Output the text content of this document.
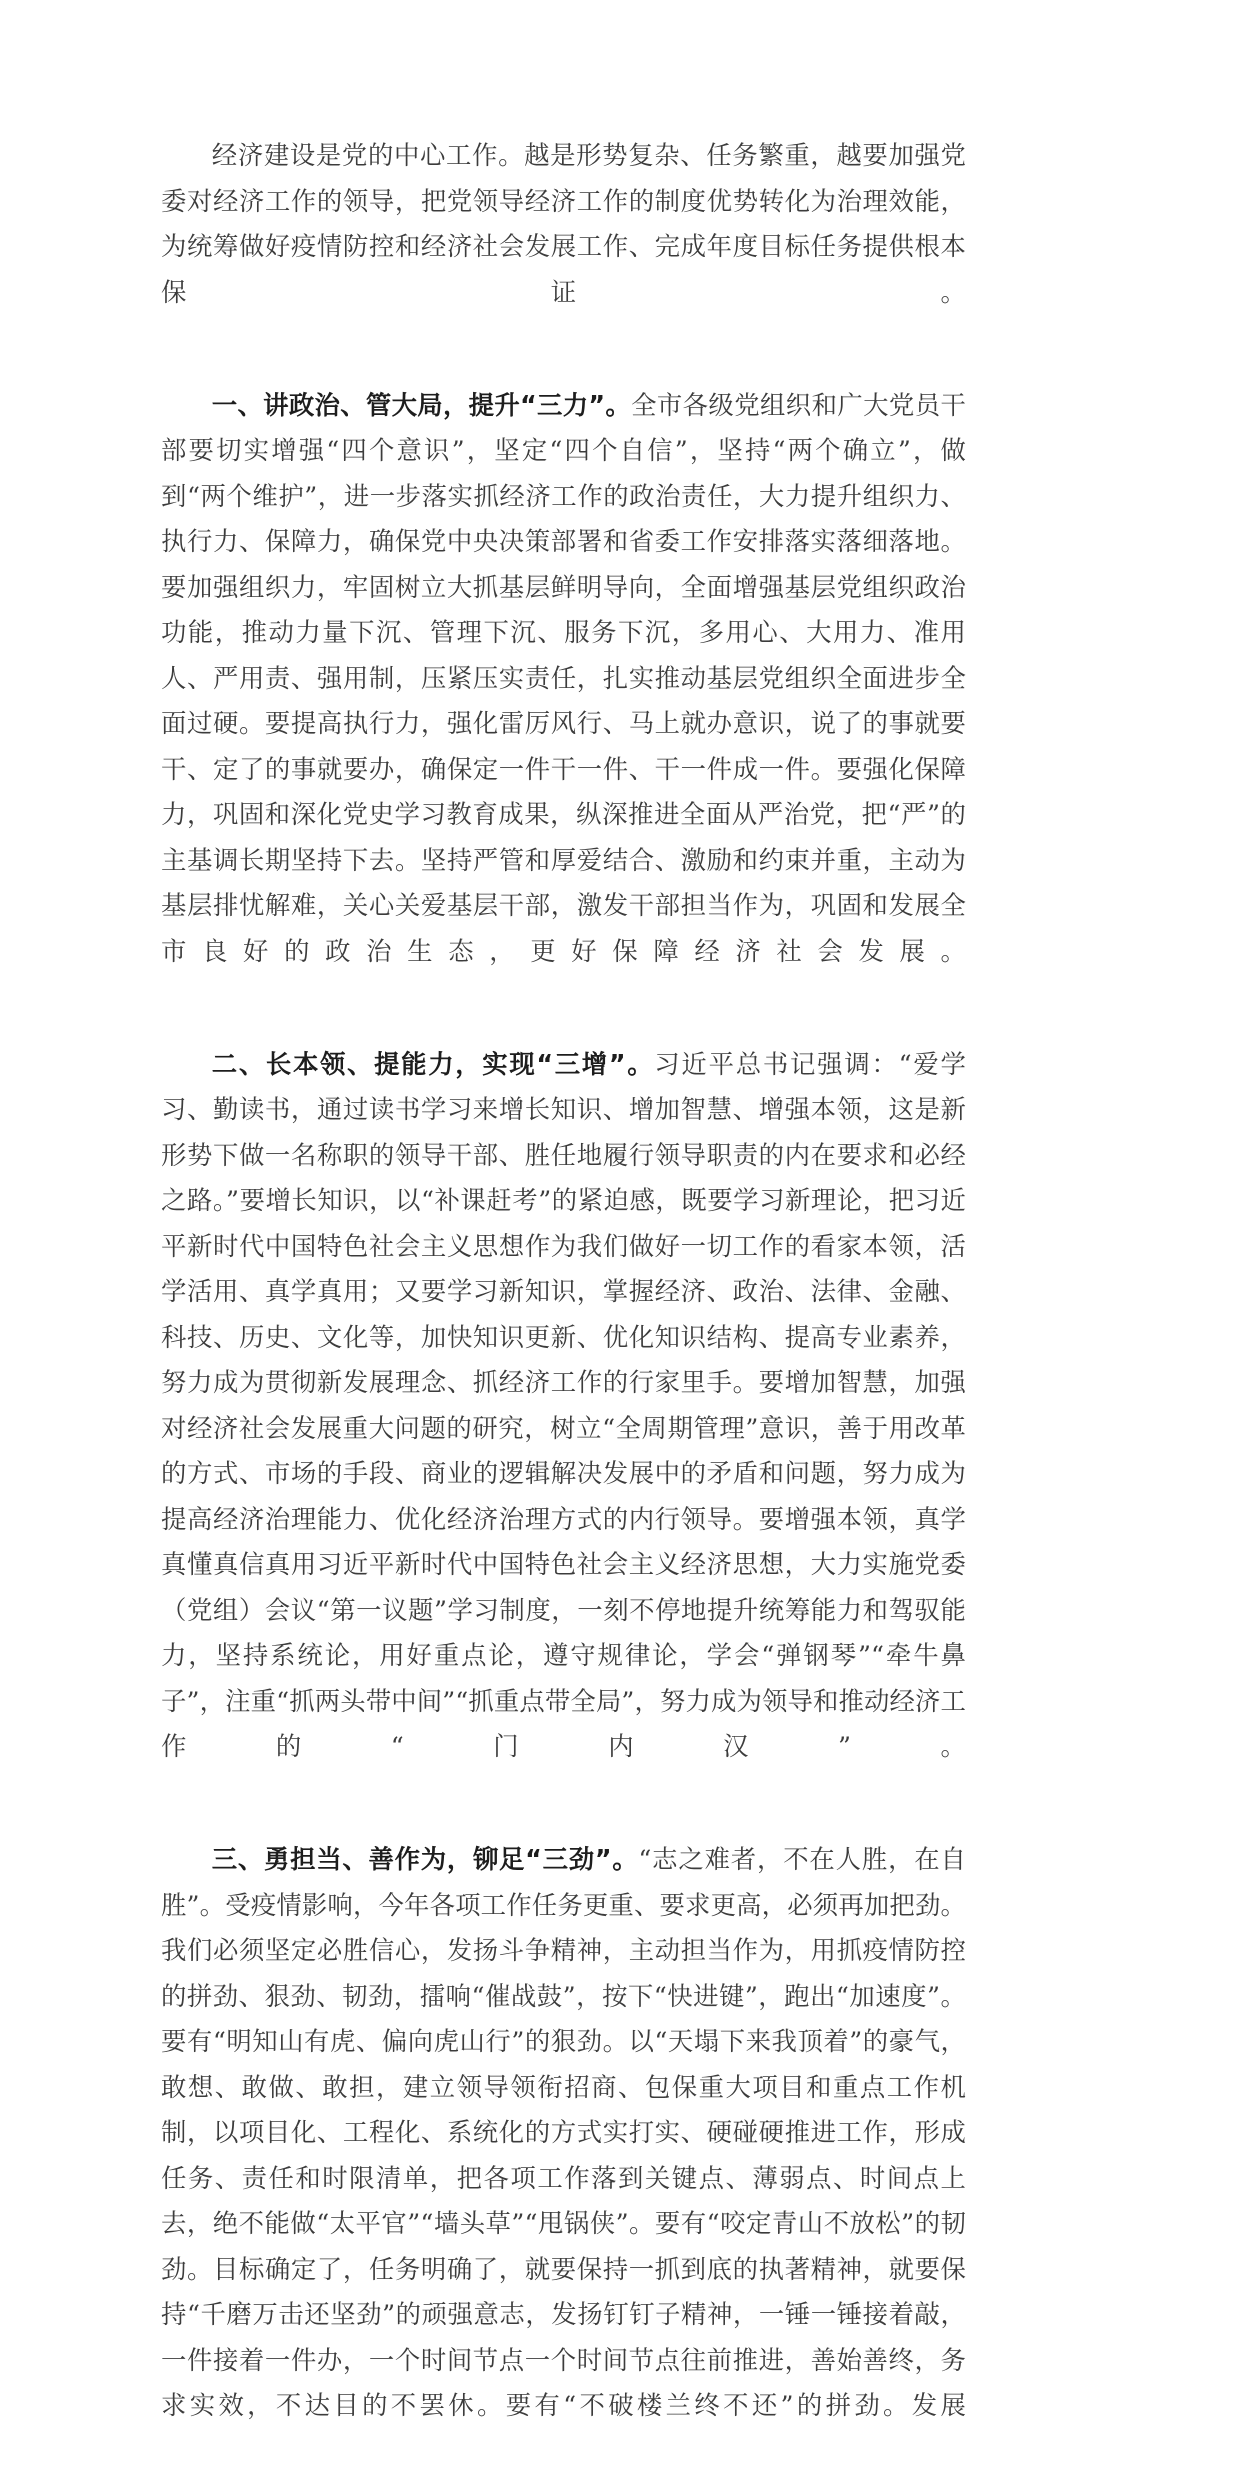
经济建设是党的中心工作。越是形势复杂、任务繁重，越要加强党委对经济工作的领导，把党领导经济工作的制度优势转化为治理效能，为统筹做好疫情防控和经济社会发展工作、完成年度目标任务提供根本保证。

一、讲政治、管大局，提升“三力”。全市各级党组织和广大党员干部要切实增强“四个意识”，坚定“四个自信”，坚持“两个确立”，做到“两个维护”，进一步落实抓经济工作的政治责任，大力提升组织力、执行力、保障力，确保党中央决策部署和省委工作安排落实落细落地。要加强组织力，牢固树立大抓基层鲜明导向，全面增强基层党组织政治功能，推动力量下沉、管理下沉、服务下沉，多用心、大用力、准用人、严用责、强用制，压紧压实责任，扎实推动基层党组织全面进步全面过硬。要提高执行力，强化雷厉风行、马上就办意识，说了的事就要干、定了的事就要办，确保定一件干一件、干一件成一件。要强化保障力，巩固和深化党史学习教育成果，纵深推进全面从严治党，把“严”的主基调长期坚持下去。坚持严管和厚爱结合、激励和约束并重，主动为基层排忧解难，关心关爱基层干部，激发干部担当作为，巩固和发展全市良好的政治生态，更好保障经济社会发展。

二、长本领、提能力，实现“三增”。习近平总书记强调：“爱学习、勤读书，通过读书学习来增长知识、增加智慧、增强本领，这是新形势下做一名称职的领导干部、胜任地履行领导职责的内在要求和必经之路。”要增长知识，以“补课赶考”的紧迫感，既要学习新理论，把习近平新时代中国特色社会主义思想作为我们做好一切工作的看家本领，活学活用、真学真用；又要学习新知识，掌握经济、政治、法律、金融、科技、历史、文化等，加快知识更新、优化知识结构、提高专业素养，努力成为贯彻新发展理念、抓经济工作的行家里手。要增加智慧，加强对经济社会发展重大问题的研究，树立“全周期管理”意识，善于用改革的方式、市场的手段、商业的逻辑解决发展中的矛盾和问题，努力成为提高经济治理能力、优化经济治理方式的内行领导。要增强本领，真学真懂真信真用习近平新时代中国特色社会主义经济思想，大力实施党委（党组）会议“第一议题”学习制度，一刻不停地提升统筹能力和驾驭能力，坚持系统论，用好重点论，遵守规律论，学会“弹钢琴”“牵牛鼻子”，注重“抓两头带中间”“抓重点带全局”，努力成为领导和推动经济工作的“门内汉”。

三、勇担当、善作为，铆足“三劲”。“志之难者，不在人胜，在自胜”。受疫情影响，今年各项工作任务更重、要求更高，必须再加把劲。我们必须坚定必胜信心，发扬斗争精神，主动担当作为，用抓疫情防控的拼劲、狠劲、韧劲，擂响“催战鼓”，按下“快进键”，跑出“加速度”。要有“明知山有虎、偏向虎山行”的狠劲。以“天塌下来我顶着”的豪气，敢想、敢做、敢担，建立领导领衔招商、包保重大项目和重点工作机制，以项目化、工程化、系统化的方式实打实、硬碰硬推进工作，形成任务、责任和时限清单，把各项工作落到关键点、薄弱点、时间点上去，绝不能做“太平官”“墙头草”“甩锅侠”。要有“咬定青山不放松”的韧劲。目标确定了，任务明确了，就要保持一抓到底的执著精神，就要保持“千磨万击还坚劲”的顽强意志，发扬钉钉子精神，一锤一锤接着敲，一件接着一件办，一个时间节点一个时间节点往前推进，善始善终，务求实效，不达目的不罢休。要有“不破楼兰终不还”的拼劲。发展
